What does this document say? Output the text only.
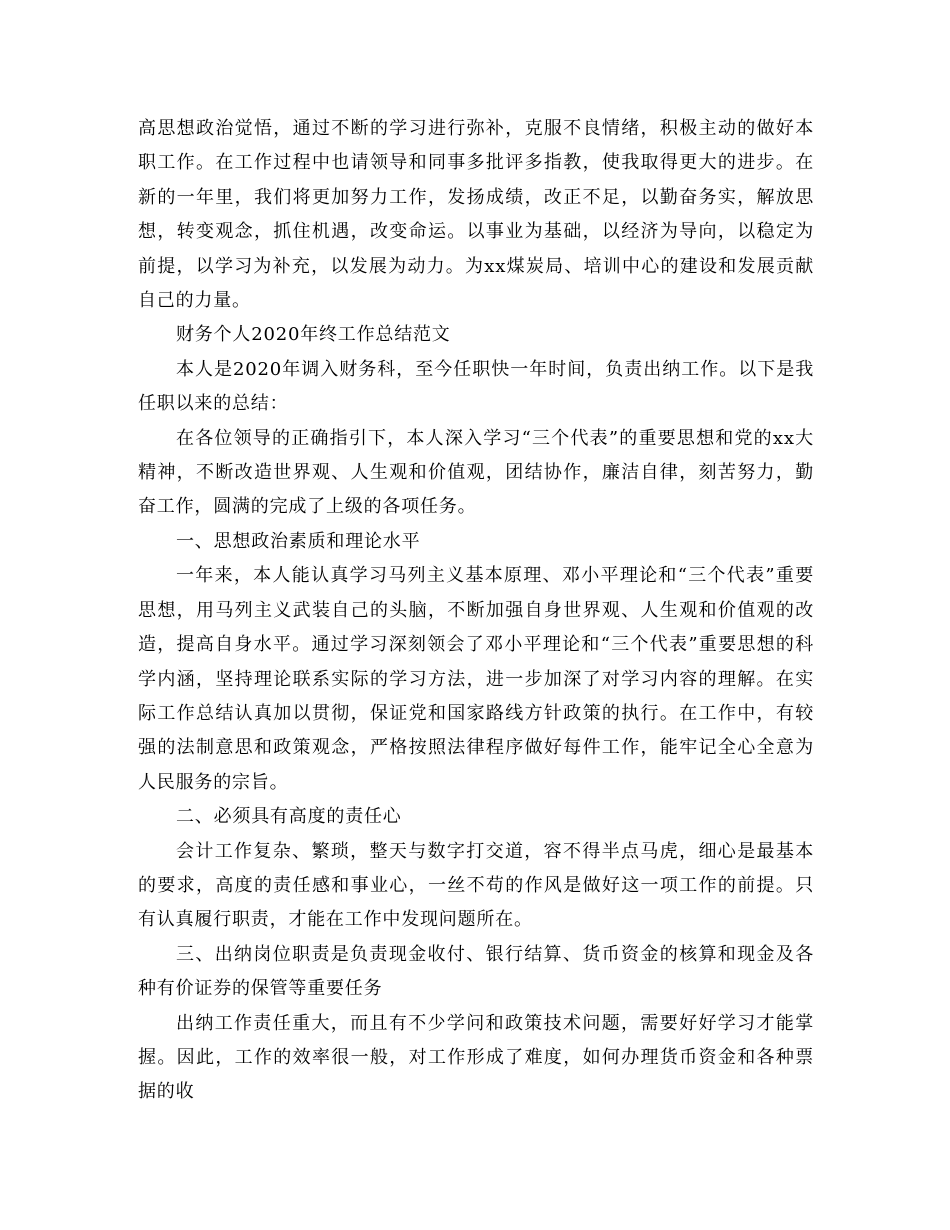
高思想政治觉悟，通过不断的学习进行弥补，克服不良情绪，积极主动的做好本职工作。在工作过程中也请领导和同事多批评多指教，使我取得更大的进步。在新的一年里，我们将更加努力工作，发扬成绩，改正不足，以勤奋务实，解放思想，转变观念，抓住机遇，改变命运。以事业为基础，以经济为导向，以稳定为前提，以学习为补充，以发展为动力。为xx煤炭局、培训中心的建设和发展贡献自己的力量。

财务个人2020年终工作总结范文

本人是2020年调入财务科，至今任职快一年时间，负责出纳工作。以下是我任职以来的总结：

在各位领导的正确指引下，本人深入学习“三个代表”的重要思想和党的xx大精神，不断改造世界观、人生观和价值观，团结协作，廉洁自律，刻苦努力，勤奋工作，圆满的完成了上级的各项任务。

一、思想政治素质和理论水平

一年来，本人能认真学习马列主义基本原理、邓小平理论和“三个代表”重要思想，用马列主义武装自己的头脑，不断加强自身世界观、人生观和价值观的改造，提高自身水平。通过学习深刻领会了邓小平理论和“三个代表”重要思想的科学内涵，坚持理论联系实际的学习方法，进一步加深了对学习内容的理解。在实际工作总结认真加以贯彻，保证党和国家路线方针政策的执行。在工作中，有较强的法制意思和政策观念，严格按照法律程序做好每件工作，能牢记全心全意为人民服务的宗旨。

二、必须具有高度的责任心

会计工作复杂、繁琐，整天与数字打交道，容不得半点马虎，细心是最基本的要求，高度的责任感和事业心，一丝不苟的作风是做好这一项工作的前提。只有认真履行职责，才能在工作中发现问题所在。

三、出纳岗位职责是负责现金收付、银行结算、货币资金的核算和现金及各种有价证券的保管等重要任务

出纳工作责任重大，而且有不少学问和政策技术问题，需要好好学习才能掌握。因此，工作的效率很一般，对工作形成了难度，如何办理货币资金和各种票据的收
